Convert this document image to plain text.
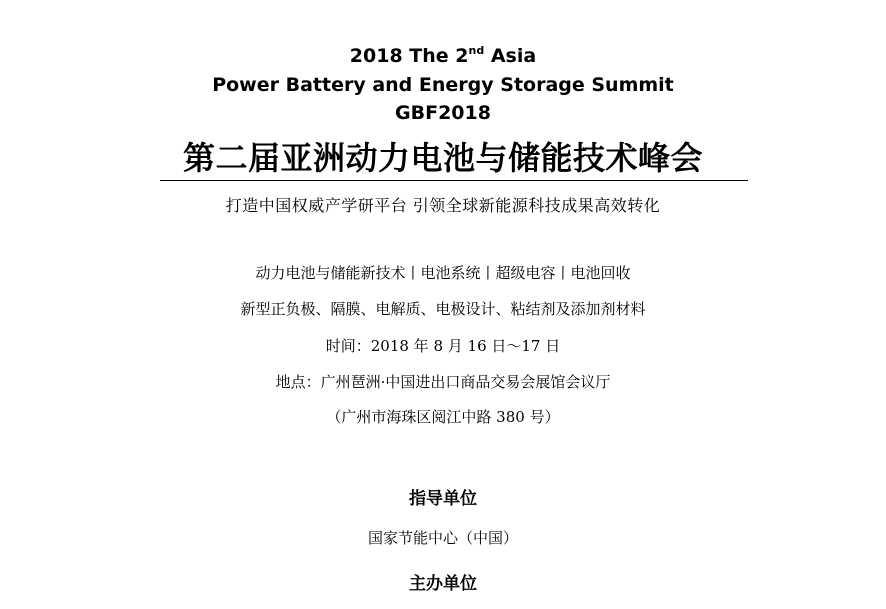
2018 The 2nd Asia
Power Battery and Energy Storage Summit
GBF2018
第二届亚洲动力电池与储能技术峰会
打造中国权威产学研平台 引领全球新能源科技成果高效转化
动力电池与储能新技术丨电池系统丨超级电容丨电池回收
新型正负极、隔膜、电解质、电极设计、粘结剂及添加剂材料
时间：2018 年 8 月 16 日～17 日
地点：广州琶洲·中国进出口商品交易会展馆会议厅
（广州市海珠区阅江中路 380 号）
指导单位
国家节能中心（中国）
主办单位
